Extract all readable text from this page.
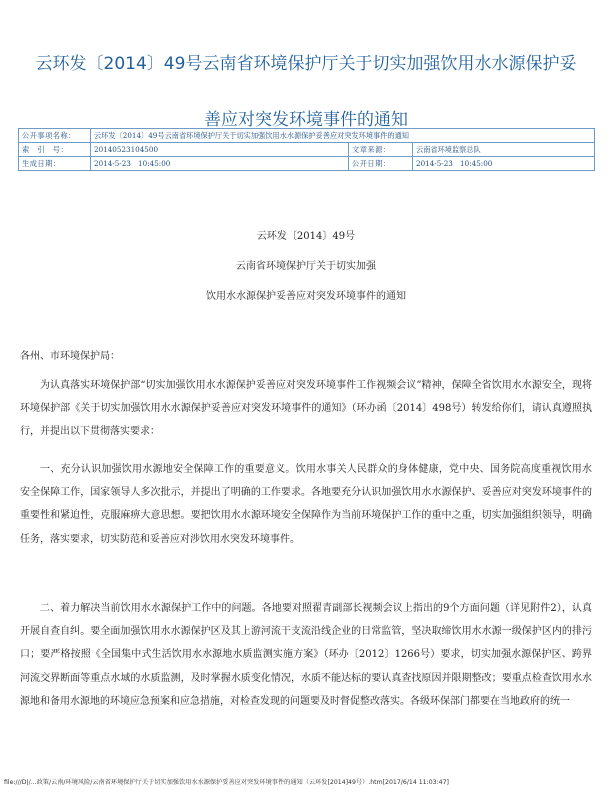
云环发〔2014〕49号云南省环境保护厅关于切实加强饮用水水源保护妥
善应对突发环境事件的通知
公开事项名称：	云环发〔2014〕49号云南省环境保护厅关于切实加强饮用水水源保护妥善应对突发环境事件的通知		
索　引　号：	20140523104500	文章来源：	云南省环境监察总队
生成日期：	2014-5-23　10:45:00	公开日期：	2014-5-23　10:45:00
云环发〔2014〕49号
云南省环境保护厅关于切实加强
饮用水水源保护妥善应对突发环境事件的通知

各州、市环境保护局：

为认真落实环境保护部“切实加强饮用水水源保护妥善应对突发环境事件工作视频会议”精神，保障全省饮用水水源安全，现将环境保护部《关于切实加强饮用水水源保护妥善应对突发环境事件的通知》（环办函〔2014〕498号）转发给你们，请认真遵照执行，并提出以下贯彻落实要求：

一、充分认识加强饮用水源地安全保障工作的重要意义。饮用水事关人民群众的身体健康，党中央、国务院高度重视饮用水　安全保障工作，国家领导人多次批示，并提出了明确的工作要求。各地要充分认识加强饮用水水源保护、妥善应对突发环境事件的重要性和紧迫性，克服麻痹大意思想。要把饮用水水源环境安全保障作为当前环境保护工作的重中之重，切实加强组织领导，明确任务，落实要求，切实防范和妥善应对涉饮用水突发环境事件。

二、着力解决当前饮用水水源保护工作中的问题。各地要对照翟青副部长视频会议上指出的9个方面问题（详见附件2），认真开展自查自纠。要全面加强饮用水水源保护区及其上游河流干支流沿线企业的日常监管，坚决取缔饮用水水源一级保护区内的排污口；要严格按照《全国集中式生活饮用水水源地水质监测实施方案》（环办〔2012〕1266号）要求，切实加强水源保护区、跨界河流交界断面等重点水域的水质监测，及时掌握水质变化情况，水质不能达标的要认真查找原因并限期整改；要重点检查饮用水水源地和备用水源地的环境应急预案和应急措施，对检查发现的问题要及时督促整改落实。各级环保部门都要在当地政府的统一

file:///D|/...政策/云南/环境风险/云南省环境保护厅关于切实加强饮用水水源保护妥善应对突发环境事件的通知（云环发[2014]49号）.htm[2017/6/14 11:03:47]
